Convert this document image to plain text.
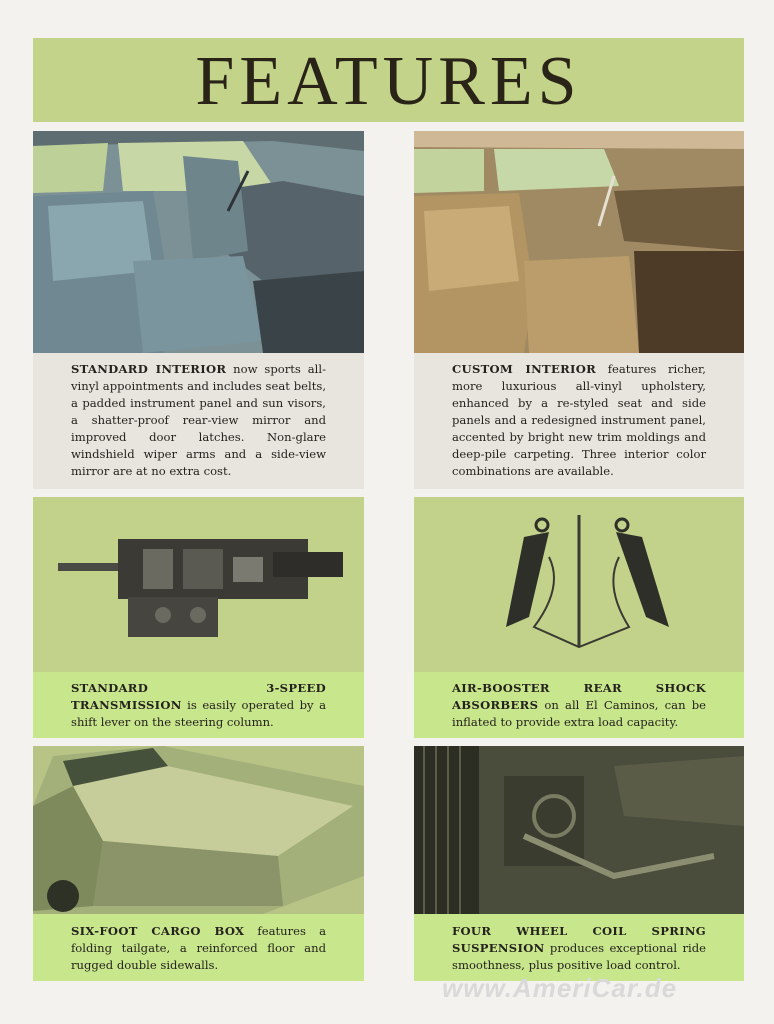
FEATURES
STANDARD INTERIOR now sports all-vinyl appointments and includes seat belts, a padded instrument panel and sun visors, a shatter-proof rear-view mirror and improved door latches. Non-glare windshield wiper arms and a side-view mirror are at no extra cost.
CUSTOM INTERIOR features richer, more luxurious all-vinyl upholstery, enhanced by a re-styled seat and side panels and a redesigned instrument panel, accented by bright new trim moldings and deep-pile carpeting. Three interior color combinations are available.
STANDARD 3-SPEED TRANSMISSION is easily operated by a shift lever on the steering column.
AIR-BOOSTER REAR SHOCK ABSORBERS on all El Caminos, can be inflated to provide extra load capacity.
SIX-FOOT CARGO BOX features a folding tailgate, a reinforced floor and rugged double sidewalls.
FOUR WHEEL COIL SPRING SUSPENSION produces exceptional ride smoothness, plus positive load control.
www.AmeriCar.de
